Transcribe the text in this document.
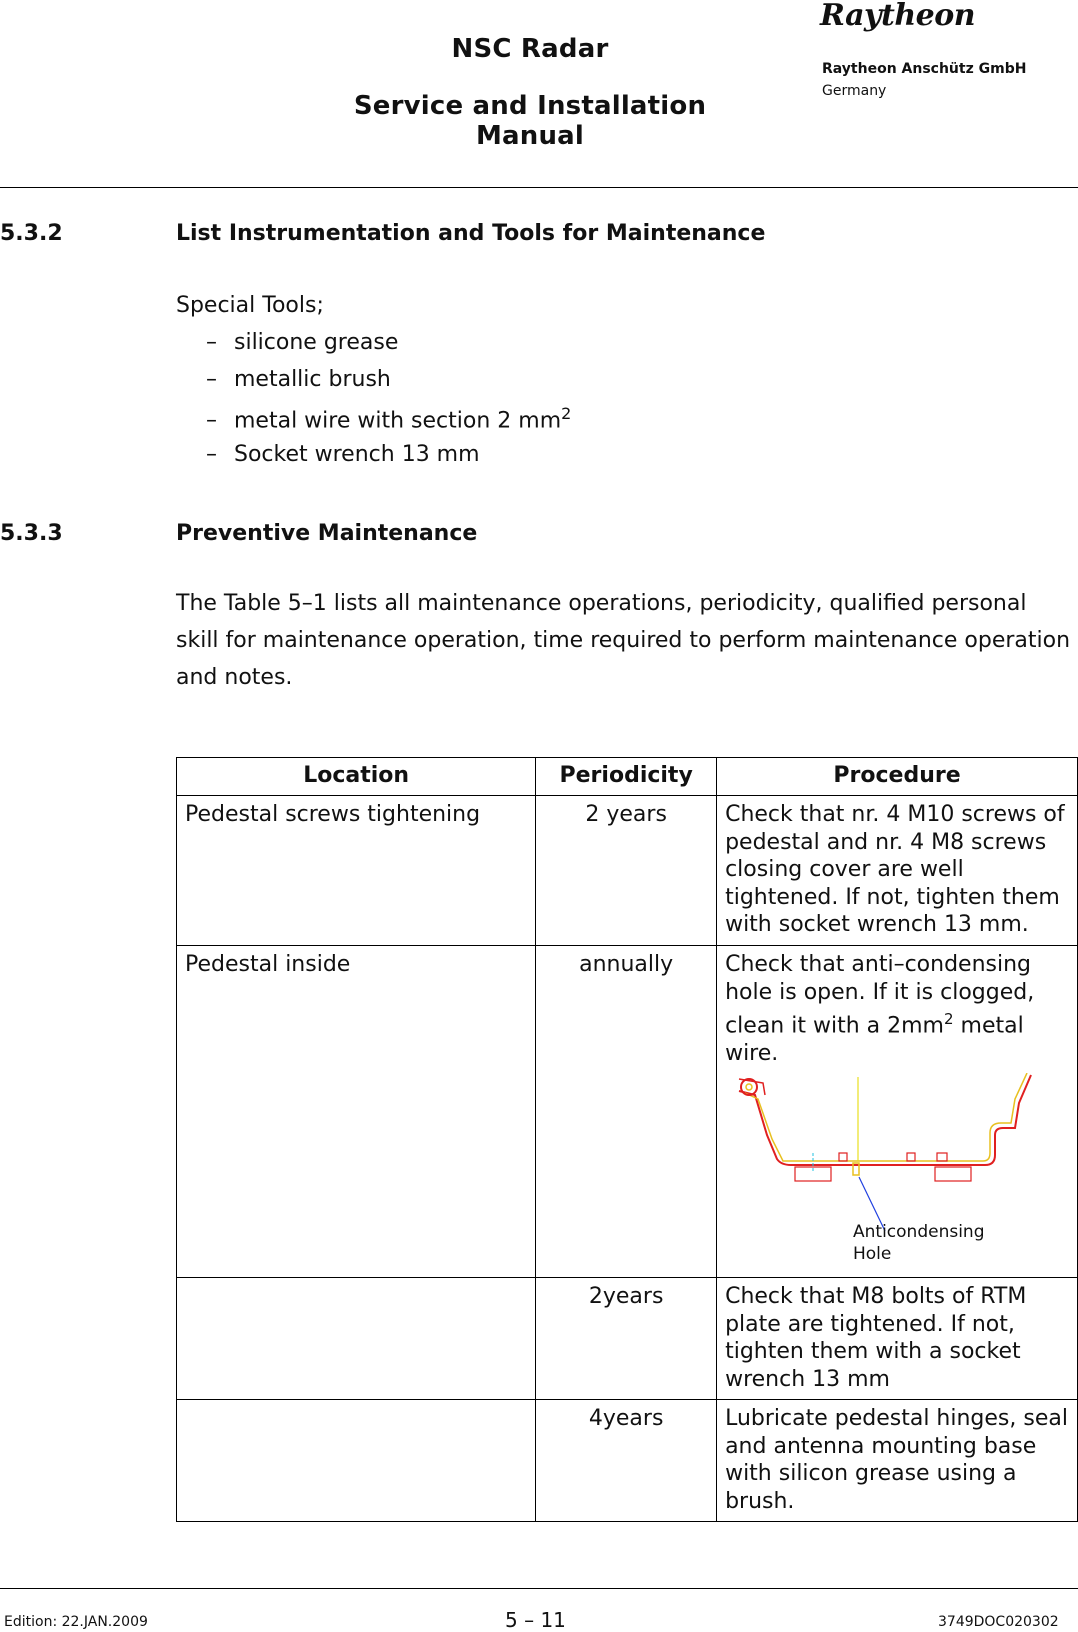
NSC Radar
Service and Installation Manual
Raytheon
Raytheon Anschütz GmbH
Germany
5.3.2	List Instrumentation and Tools for Maintenance
Special Tools;
– silicone grease
– metallic brush
– metal wire with section 2 $mm^2$
– Socket wrench 13 mm
5.3.3	Preventive Maintenance
The Table 5–1 lists all maintenance operations, periodicity, qualified personal
skill for maintenance operation, time required to perform maintenance operation
and notes.
Location	Periodicity	Procedure
Pedestal screws tightening	2 years	Check that nr. 4 M10 screws of pedestal and nr. 4 M8 screws closing cover are well tightened. If not, tighten them with socket wrench 13 mm.
Pedestal inside	annually	Check that anti–condensing hole is open. If it is clogged, clean it with a $2mm^2$ metal wire.
Anticondensing
Hole

	2years	Check that M8 bolts of RTM plate are tightened. If not, tighten them with a socket wrench 13 mm
	4years	Lubricate pedestal hinges, seal and antenna mounting base with silicon grease using a brush.
Edition: 22.JAN.2009	5 – 11	3749DOC020302
